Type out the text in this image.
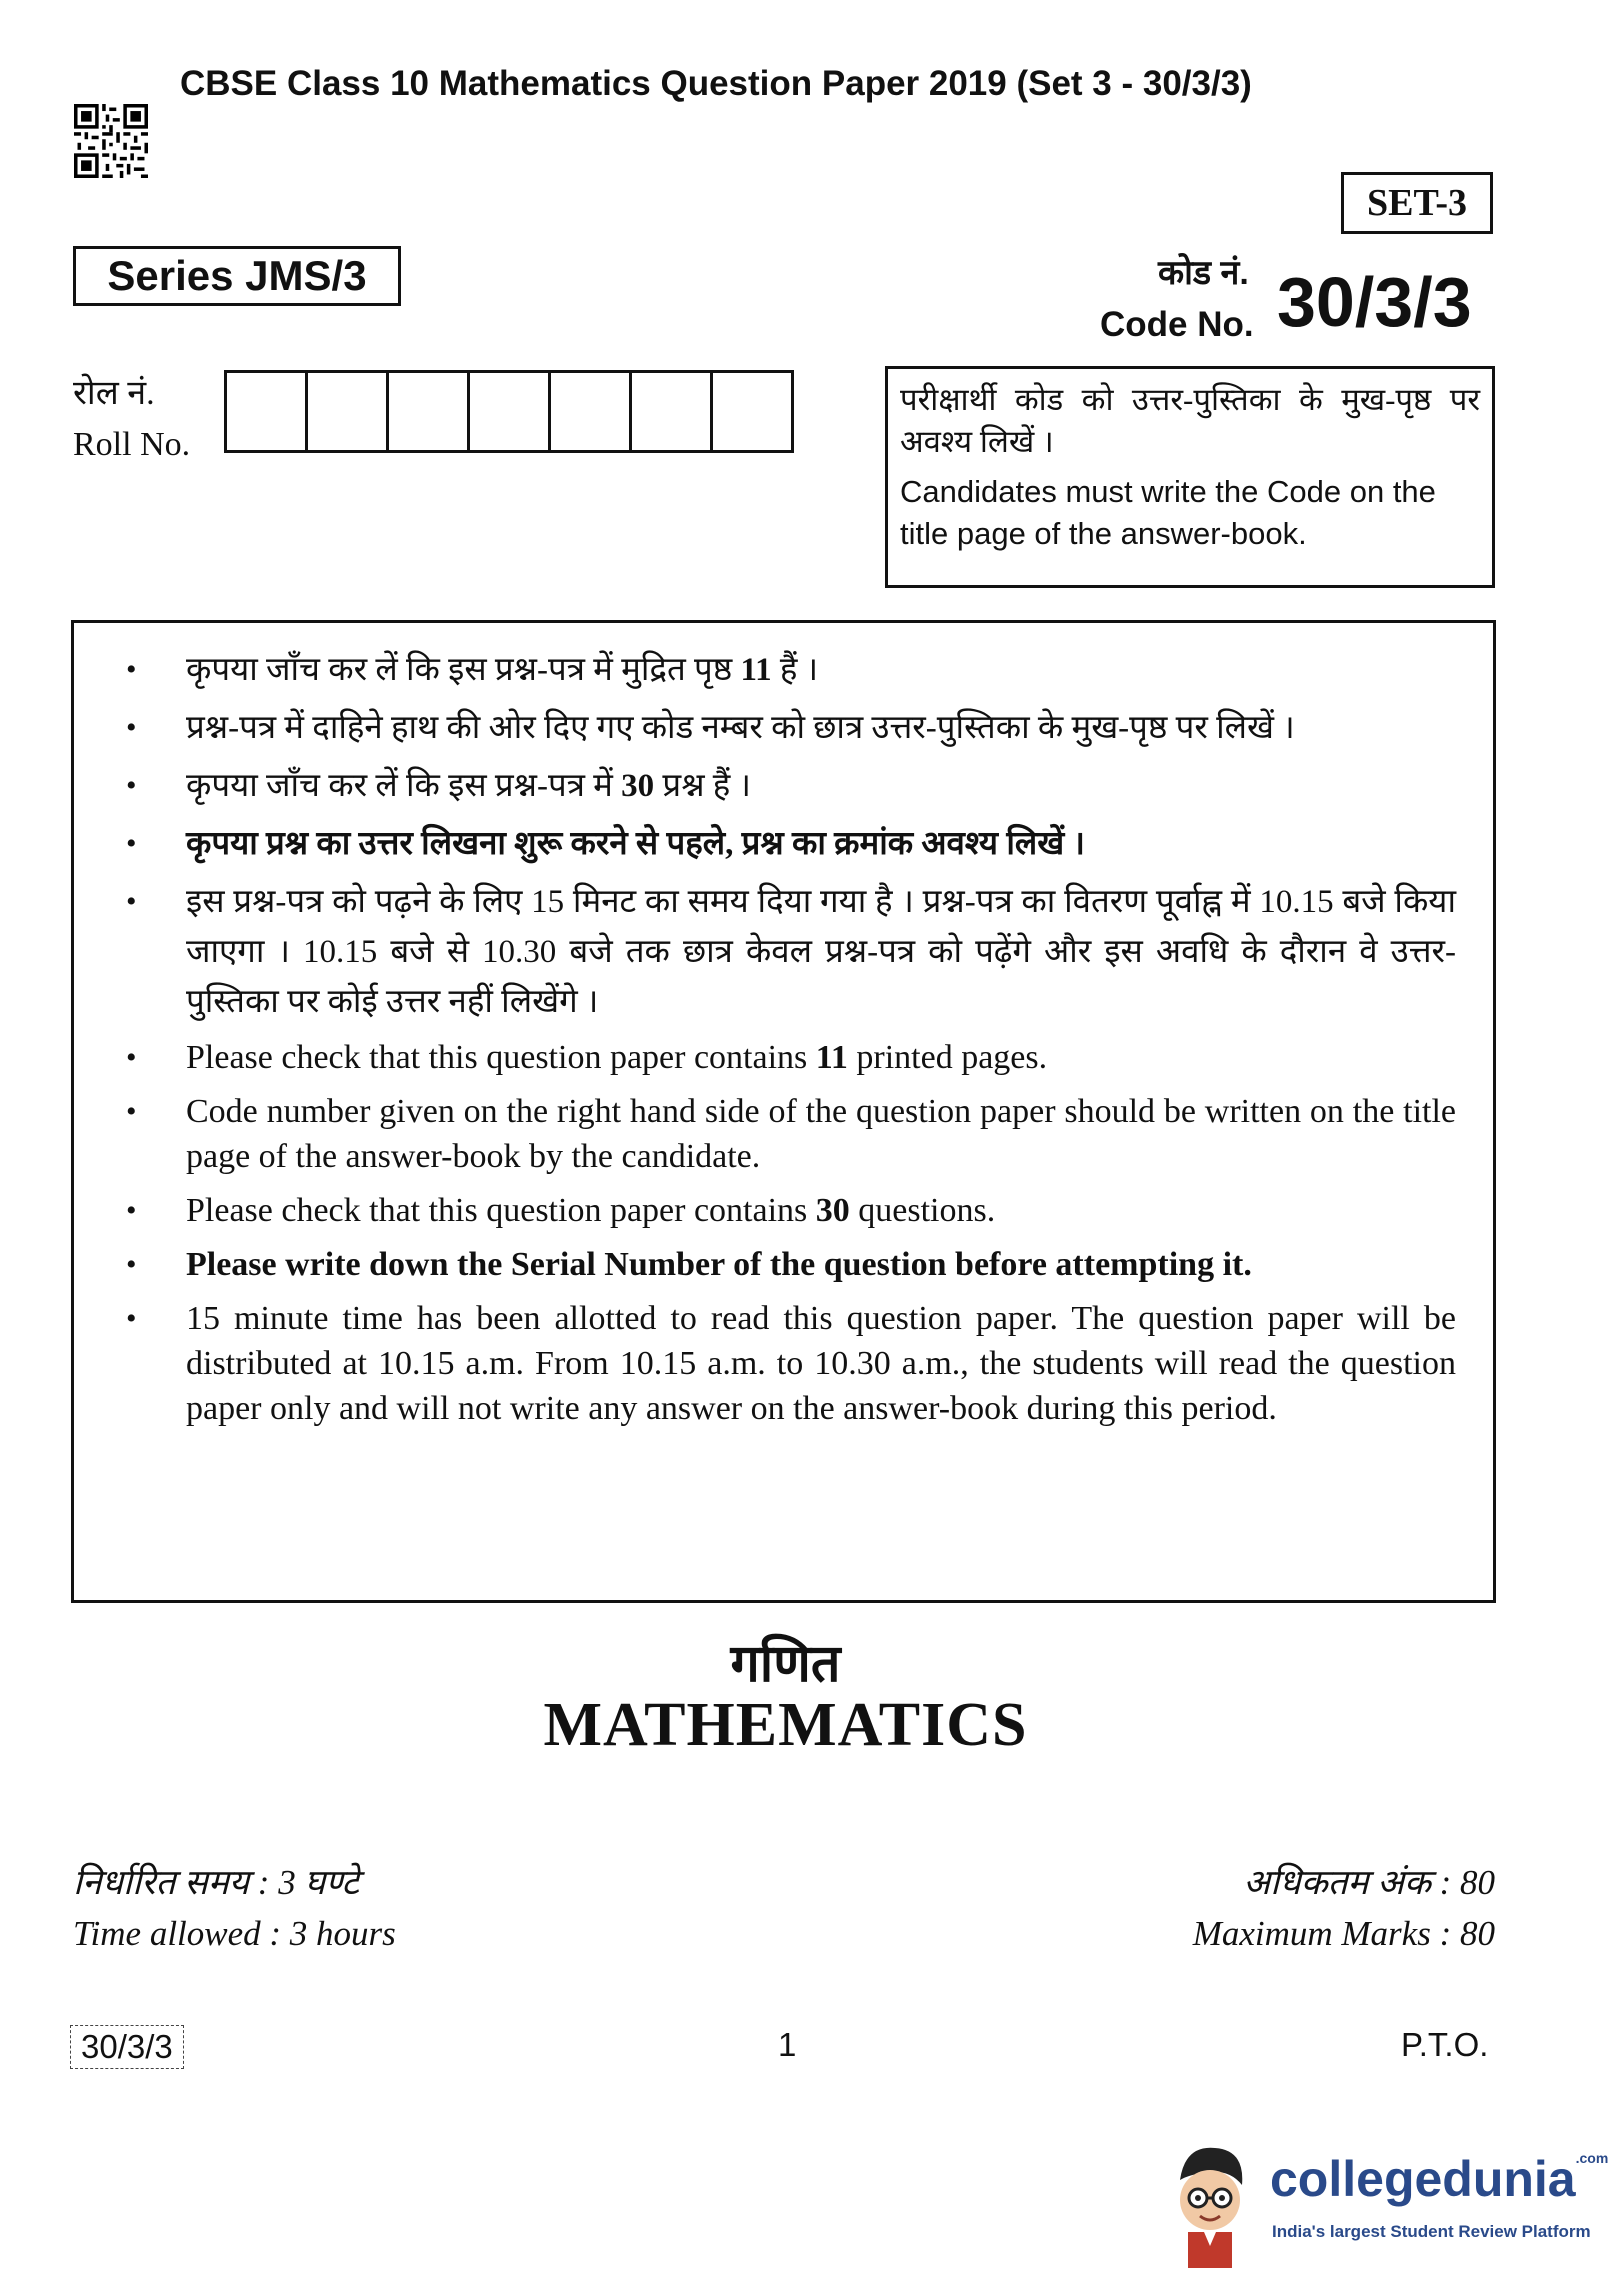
CBSE Class 10 Mathematics Question Paper 2019 (Set 3 - 30/3/3)
SET-3
Series JMS/3	कोड नं.
Code No. 30/3/3
रोल नं.
Roll No.
परीक्षार्थी कोड को उत्तर-पुस्तिका के मुख-पृष्ठ पर अवश्य लिखें ।
Candidates must write the Code on the title page of the answer-book.
• कृपया जाँच कर लें कि इस प्रश्न-पत्र में मुद्रित पृष्ठ 11 हैं ।
• प्रश्न-पत्र में दाहिने हाथ की ओर दिए गए कोड नम्बर को छात्र उत्तर-पुस्तिका के मुख-पृष्ठ पर लिखें ।
• कृपया जाँच कर लें कि इस प्रश्न-पत्र में 30 प्रश्न हैं ।
• कृपया प्रश्न का उत्तर लिखना शुरू करने से पहले, प्रश्न का क्रमांक अवश्य लिखें ।
• इस प्रश्न-पत्र को पढ़ने के लिए 15 मिनट का समय दिया गया है । प्रश्न-पत्र का वितरण पूर्वाह्न में 10.15 बजे किया जाएगा । 10.15 बजे से 10.30 बजे तक छात्र केवल प्रश्न-पत्र को पढ़ेंगे और इस अवधि के दौरान वे उत्तर-पुस्तिका पर कोई उत्तर नहीं लिखेंगे ।
• Please check that this question paper contains 11 printed pages.
• Code number given on the right hand side of the question paper should be written on the title page of the answer-book by the candidate.
• Please check that this question paper contains 30 questions.
• Please write down the Serial Number of the question before attempting it.
• 15 minute time has been allotted to read this question paper. The question paper will be distributed at 10.15 a.m. From 10.15 a.m. to 10.30 a.m., the students will read the question paper only and will not write any answer on the answer-book during this period.
गणित
MATHEMATICS
निर्धारित समय : 3 घण्टे
Time allowed : 3 hours
अधिकतम अंक : 80
Maximum Marks : 80
30/3/3	1	P.T.O.
collegedunia$^{.com}$
India's largest Student Review Platform
